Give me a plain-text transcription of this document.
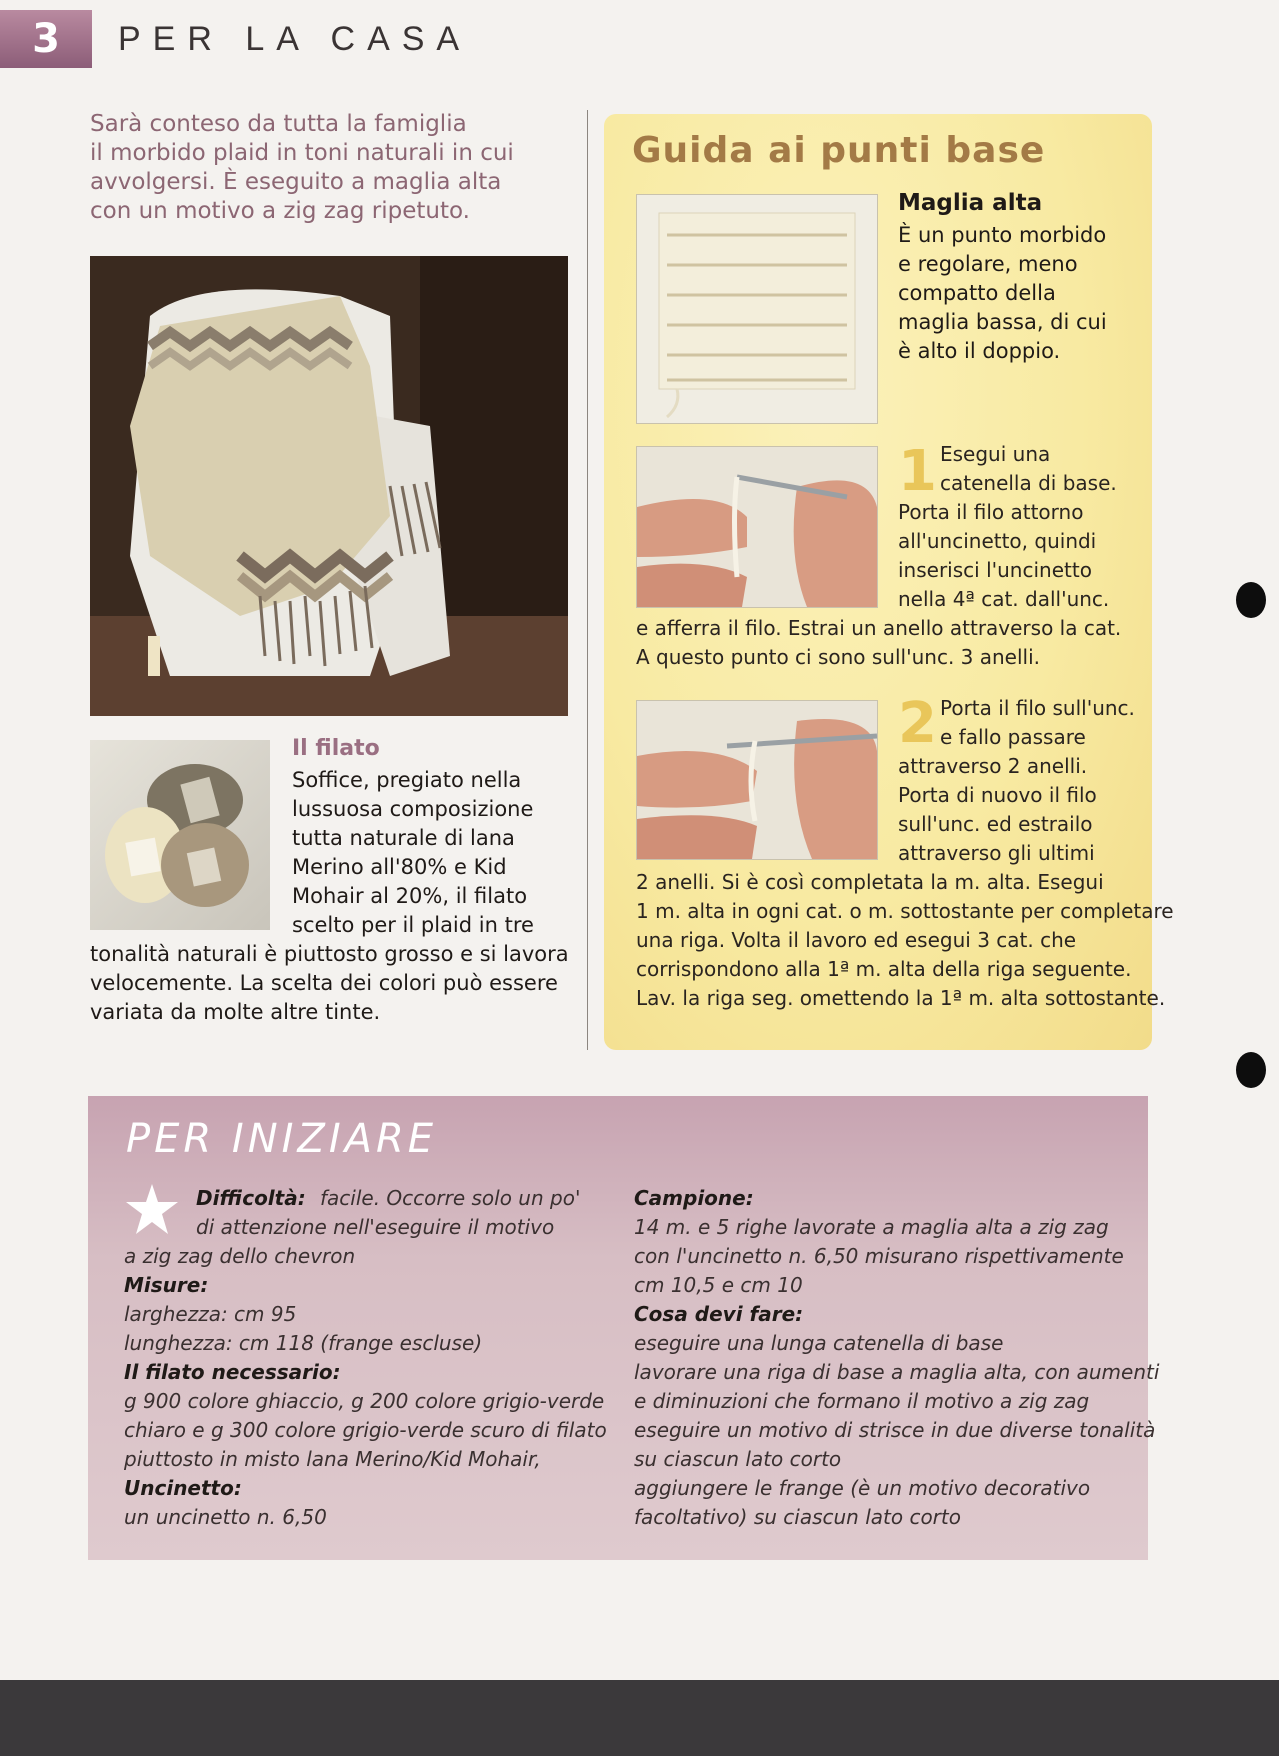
3	PER LA CASA
Sarà conteso da tutta la famiglia
il morbido plaid in toni naturali in cui
avvolgersi. È eseguito a maglia alta
con un motivo a zig zag ripetuto.
Il filato
Soffice, pregiato nella
lussuosa composizione
tutta naturale di lana
Merino all'80% e Kid
Mohair al 20%, il filato
scelto per il plaid in tre
tonalità naturali è piuttosto grosso e si lavora
velocemente. La scelta dei colori può essere
variata da molte altre tinte.
Guida ai punti base
Maglia alta
È un punto morbido
e regolare, meno
compatto della
maglia bassa, di cui
è alto il doppio.
1 Esegui una
catenella di base.
Porta il filo attorno
all'uncinetto, quindi
inserisci l'uncinetto
nella 4ª cat. dall'unc.
e afferra il filo. Estrai un anello attraverso la cat.
A questo punto ci sono sull'unc. 3 anelli.
2 Porta il filo sull'unc.
e fallo passare
attraverso 2 anelli.
Porta di nuovo il filo
sull'unc. ed estrailo
attraverso gli ultimi
2 anelli. Si è così completata la m. alta. Esegui
1 m. alta in ogni cat. o m. sottostante per completare
una riga. Volta il lavoro ed esegui 3 cat. che
corrispondono alla 1ª m. alta della riga seguente.
Lav. la riga seg. omettendo la 1ª m. alta sottostante.
PER INIZIARE
Difficoltà: facile. Occorre solo un po'
di attenzione nell'eseguire il motivo
a zig zag dello chevron
Misure:
larghezza: cm 95
lunghezza: cm 118 (frange escluse)
Il filato necessario:
g 900 colore ghiaccio, g 200 colore grigio-verde
chiaro e g 300 colore grigio-verde scuro di filato
piuttosto in misto lana Merino/Kid Mohair,
Uncinetto:
un uncinetto n. 6,50
Campione:
14 m. e 5 righe lavorate a maglia alta a zig zag
con l'uncinetto n. 6,50 misurano rispettivamente
cm 10,5 e cm 10
Cosa devi fare:
eseguire una lunga catenella di base
lavorare una riga di base a maglia alta, con aumenti
e diminuzioni che formano il motivo a zig zag
eseguire un motivo di strisce in due diverse tonalità
su ciascun lato corto
aggiungere le frange (è un motivo decorativo
facoltativo) su ciascun lato corto
